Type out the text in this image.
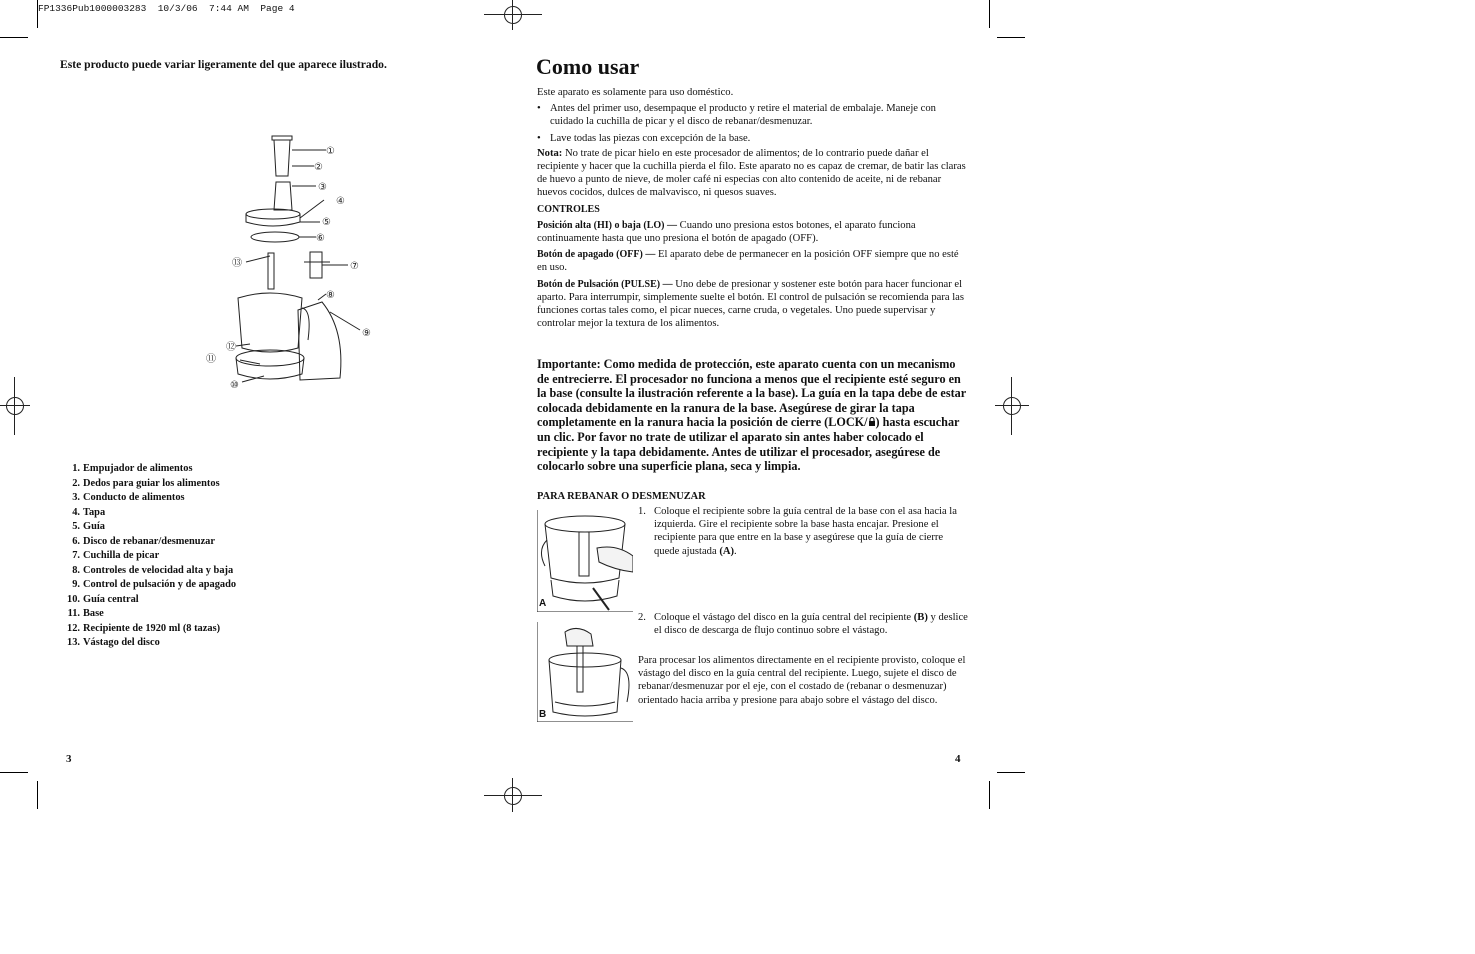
FP1336Pub1000003283  10/3/06  7:44 AM  Page 4
Este producto puede variar ligeramente del que aparece ilustrado.
①
②
③
④
⑤
⑥
⑦
⑧
⑨
⑩
⑪
⑫
⑬
1. Empujador de alimentos
2. Dedos para guiar los alimentos
3. Conducto de alimentos
4. Tapa
5. Guía
6. Disco de rebanar/desmenuzar
7. Cuchilla de picar
8. Controles de velocidad alta y baja
9. Control de pulsación y de apagado
10. Guía central
11. Base
12. Recipiente de 1920 ml (8 tazas)
13. Vástago del disco
3
Como usar

Este aparato es solamente para uso doméstico.

• Antes del primer uso, desempaque el producto y retire el material de embalaje. Maneje con cuidado la cuchilla de picar y el disco de rebanar/desmenuzar.

• Lave todas las piezas con excepción de la base.

Nota: No trate de picar hielo en este procesador de alimentos; de lo contrario puede dañar el recipiente y hacer que la cuchilla pierda el filo. Este aparato no es capaz de cremar, de batir las claras de huevo a punto de nieve, de moler café ni especias con alto contenido de aceite, ni de rebanar huevos cocidos, dulces de malvavisco, ni quesos suaves.

CONTROLES

Posición alta (HI) o baja (LO) — Cuando uno presiona estos botones, el aparato funciona continuamente hasta que uno presiona el botón de apagado (OFF).

Botón de apagado (OFF) — El aparato debe de permanecer en la posición OFF siempre que no esté en uso.

Botón de Pulsación (PULSE) — Uno debe de presionar y sostener este botón para hacer funcionar el aparto. Para interrumpir, simplemente suelte el botón. El control de pulsación se recomienda para las funciones cortas tales como, el picar nueces, carne cruda, o vegetales. Uno puede supervisar y controlar mejor la textura de los alimentos.

Importante: Como medida de protección, este aparato cuenta con un mecanismo de entrecierre. El procesador no funciona a menos que el recipiente esté seguro en la base (consulte la ilustración referente a la base). La guía en la tapa debe de estar colocada debidamente en la ranura de la base. Asegúrese de girar la tapa completamente en la ranura hacia la posición de cierre (LOCK/ ) hasta escuchar un clic. Por favor no trate de utilizar el aparato sin antes haber colocado el recipiente y la tapa debidamente. Antes de utilizar el procesador, asegúrese de colocarlo sobre una superficie plana, seca y limpia.
PARA REBANAR O DESMENUZAR
A
1. Coloque el recipiente sobre la guía central de la base con el asa hacia la izquierda. Gire el recipiente sobre la base hasta encajar. Presione el recipiente para que entre en la base y asegúrese que la guía de cierre quede ajustada (A).
B
2. Coloque el vástago del disco en la guía central del recipiente (B) y deslice el disco de descarga de flujo continuo sobre el vástago.
Para procesar los alimentos directamente en el recipiente provisto, coloque el vástago del disco en la guía central del recipiente. Luego, sujete el disco de rebanar/desmenuzar por el eje, con el costado de (rebanar o desmenuzar) orientado hacia arriba y presione para abajo sobre el vástago del disco.
4
